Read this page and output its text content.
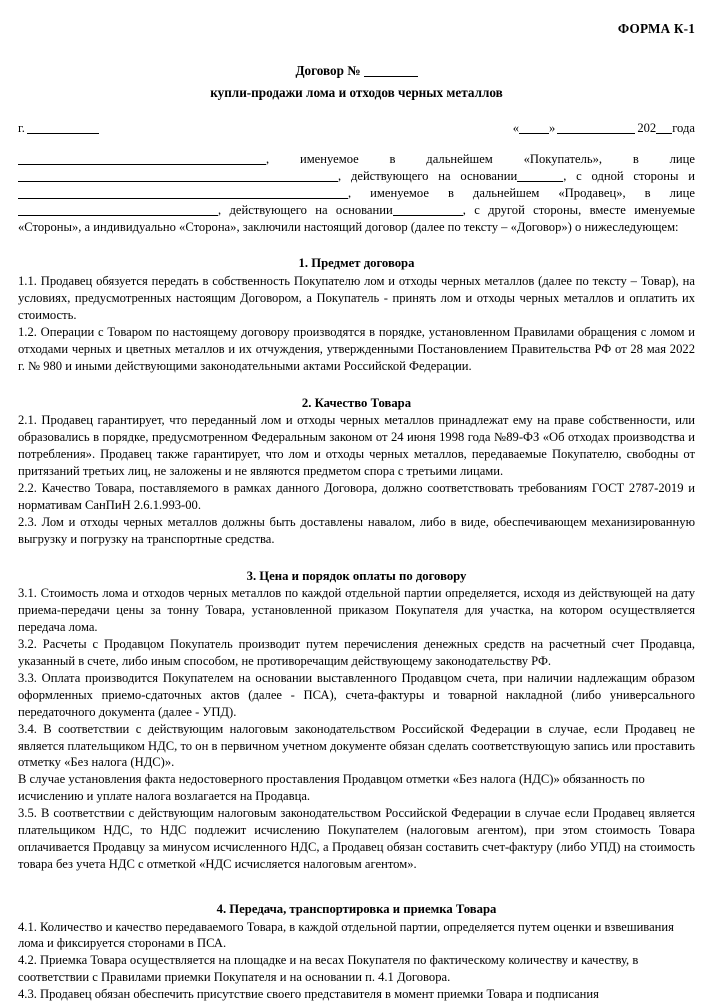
ФОРМА К-1
Договор №
купли-продажи лома и отходов черных металлов
г.	« »	202 года

, именуемое в дальнейшем «Покупатель», в лице , действующего на основании	, с одной стороны и , именуемое в дальнейшем «Продавец», в лице , действующего на основании	, с другой стороны, вместе именуемые «Стороны», а индивидуально «Сторона», заключили настоящий договор (далее по тексту – «Договор») о нижеследующем:

1. Предмет договора

1.1. Продавец обязуется передать в собственность Покупателю лом и отходы черных металлов (далее по тексту – Товар), на условиях, предусмотренных настоящим Договором, а Покупатель - принять лом и отходы черных металлов и оплатить их стоимость.

1.2. Операции с Товаром по настоящему договору производятся в порядке, установленном Правилами обращения с ломом и отходами черных и цветных металлов и их отчуждения, утвержденными Постановлением Правительства РФ от 28 мая 2022 г. № 980 и иными действующими законодательными актами Российской Федерации.

2. Качество Товара

2.1. Продавец гарантирует, что переданный лом и отходы черных металлов принадлежат ему на праве собственности, или образовались в порядке, предусмотренном Федеральным законом от 24 июня 1998 года №89-ФЗ «Об отходах производства и потребления». Продавец также гарантирует, что лом и отходы черных металлов, передаваемые Покупателю, свободны от притязаний третьих лиц, не заложены и не являются предметом спора с третьими лицами.

2.2. Качество Товара, поставляемого в рамках данного Договора, должно соответствовать требованиям ГОСТ 2787-2019 и нормативам СанПиН 2.6.1.993-00.

2.3. Лом и отходы черных металлов должны быть доставлены навалом, либо в виде, обеспечивающем механизированную выгрузку и погрузку на транспортные средства.

3. Цена и порядок оплаты по договору

3.1. Стоимость лома и отходов черных металлов по каждой отдельной партии определяется, исходя из действующей на дату приема-передачи цены за тонну Товара, установленной приказом Покупателя для участка, на котором осуществляется передача лома.

3.2. Расчеты с Продавцом Покупатель производит путем перечисления денежных средств на расчетный счет Продавца, указанный в счете, либо иным способом, не противоречащим действующему законодательству РФ.

3.3. Оплата производится Покупателем на основании выставленного Продавцом счета, при наличии надлежащим образом оформленных приемо-сдаточных актов (далее - ПСА), счета-фактуры и товарной накладной (либо универсального передаточного документа (далее - УПД).

3.4. В соответствии с действующим налоговым законодательством Российской Федерации в случае, если Продавец не является плательщиком НДС, то он в первичном учетном документе обязан сделать соответствующую запись или проставить отметку «Без налога (НДС)».

В случае установления факта недостоверного проставления Продавцом отметки «Без налога (НДС)» обязанность по исчислению и уплате налога возлагается на Продавца.

3.5. В соответствии с действующим налоговым законодательством Российской Федерации в случае если Продавец является плательщиком НДС, то НДС подлежит исчислению Покупателем (налоговым агентом), при этом стоимость Товара оплачивается Продавцу за минусом исчисленного НДС, а Продавец обязан составить счет-фактуру (либо УПД) на стоимость товара без учета НДС с отметкой «НДС исчисляется налоговым агентом».

4. Передача, транспортировка и приемка Товара

4.1. Количество и качество передаваемого Товара, в каждой отдельной партии, определяется путем оценки и взвешивания лома и фиксируется сторонами в ПСА.

4.2. Приемка Товара осуществляется на площадке и на весах Покупателя по фактическому количеству и качеству, в соответствии с Правилами приемки Покупателя и на основании п. 4.1 Договора.

4.3. Продавец обязан обеспечить присутствие своего представителя в момент приемки Товара и подписания
